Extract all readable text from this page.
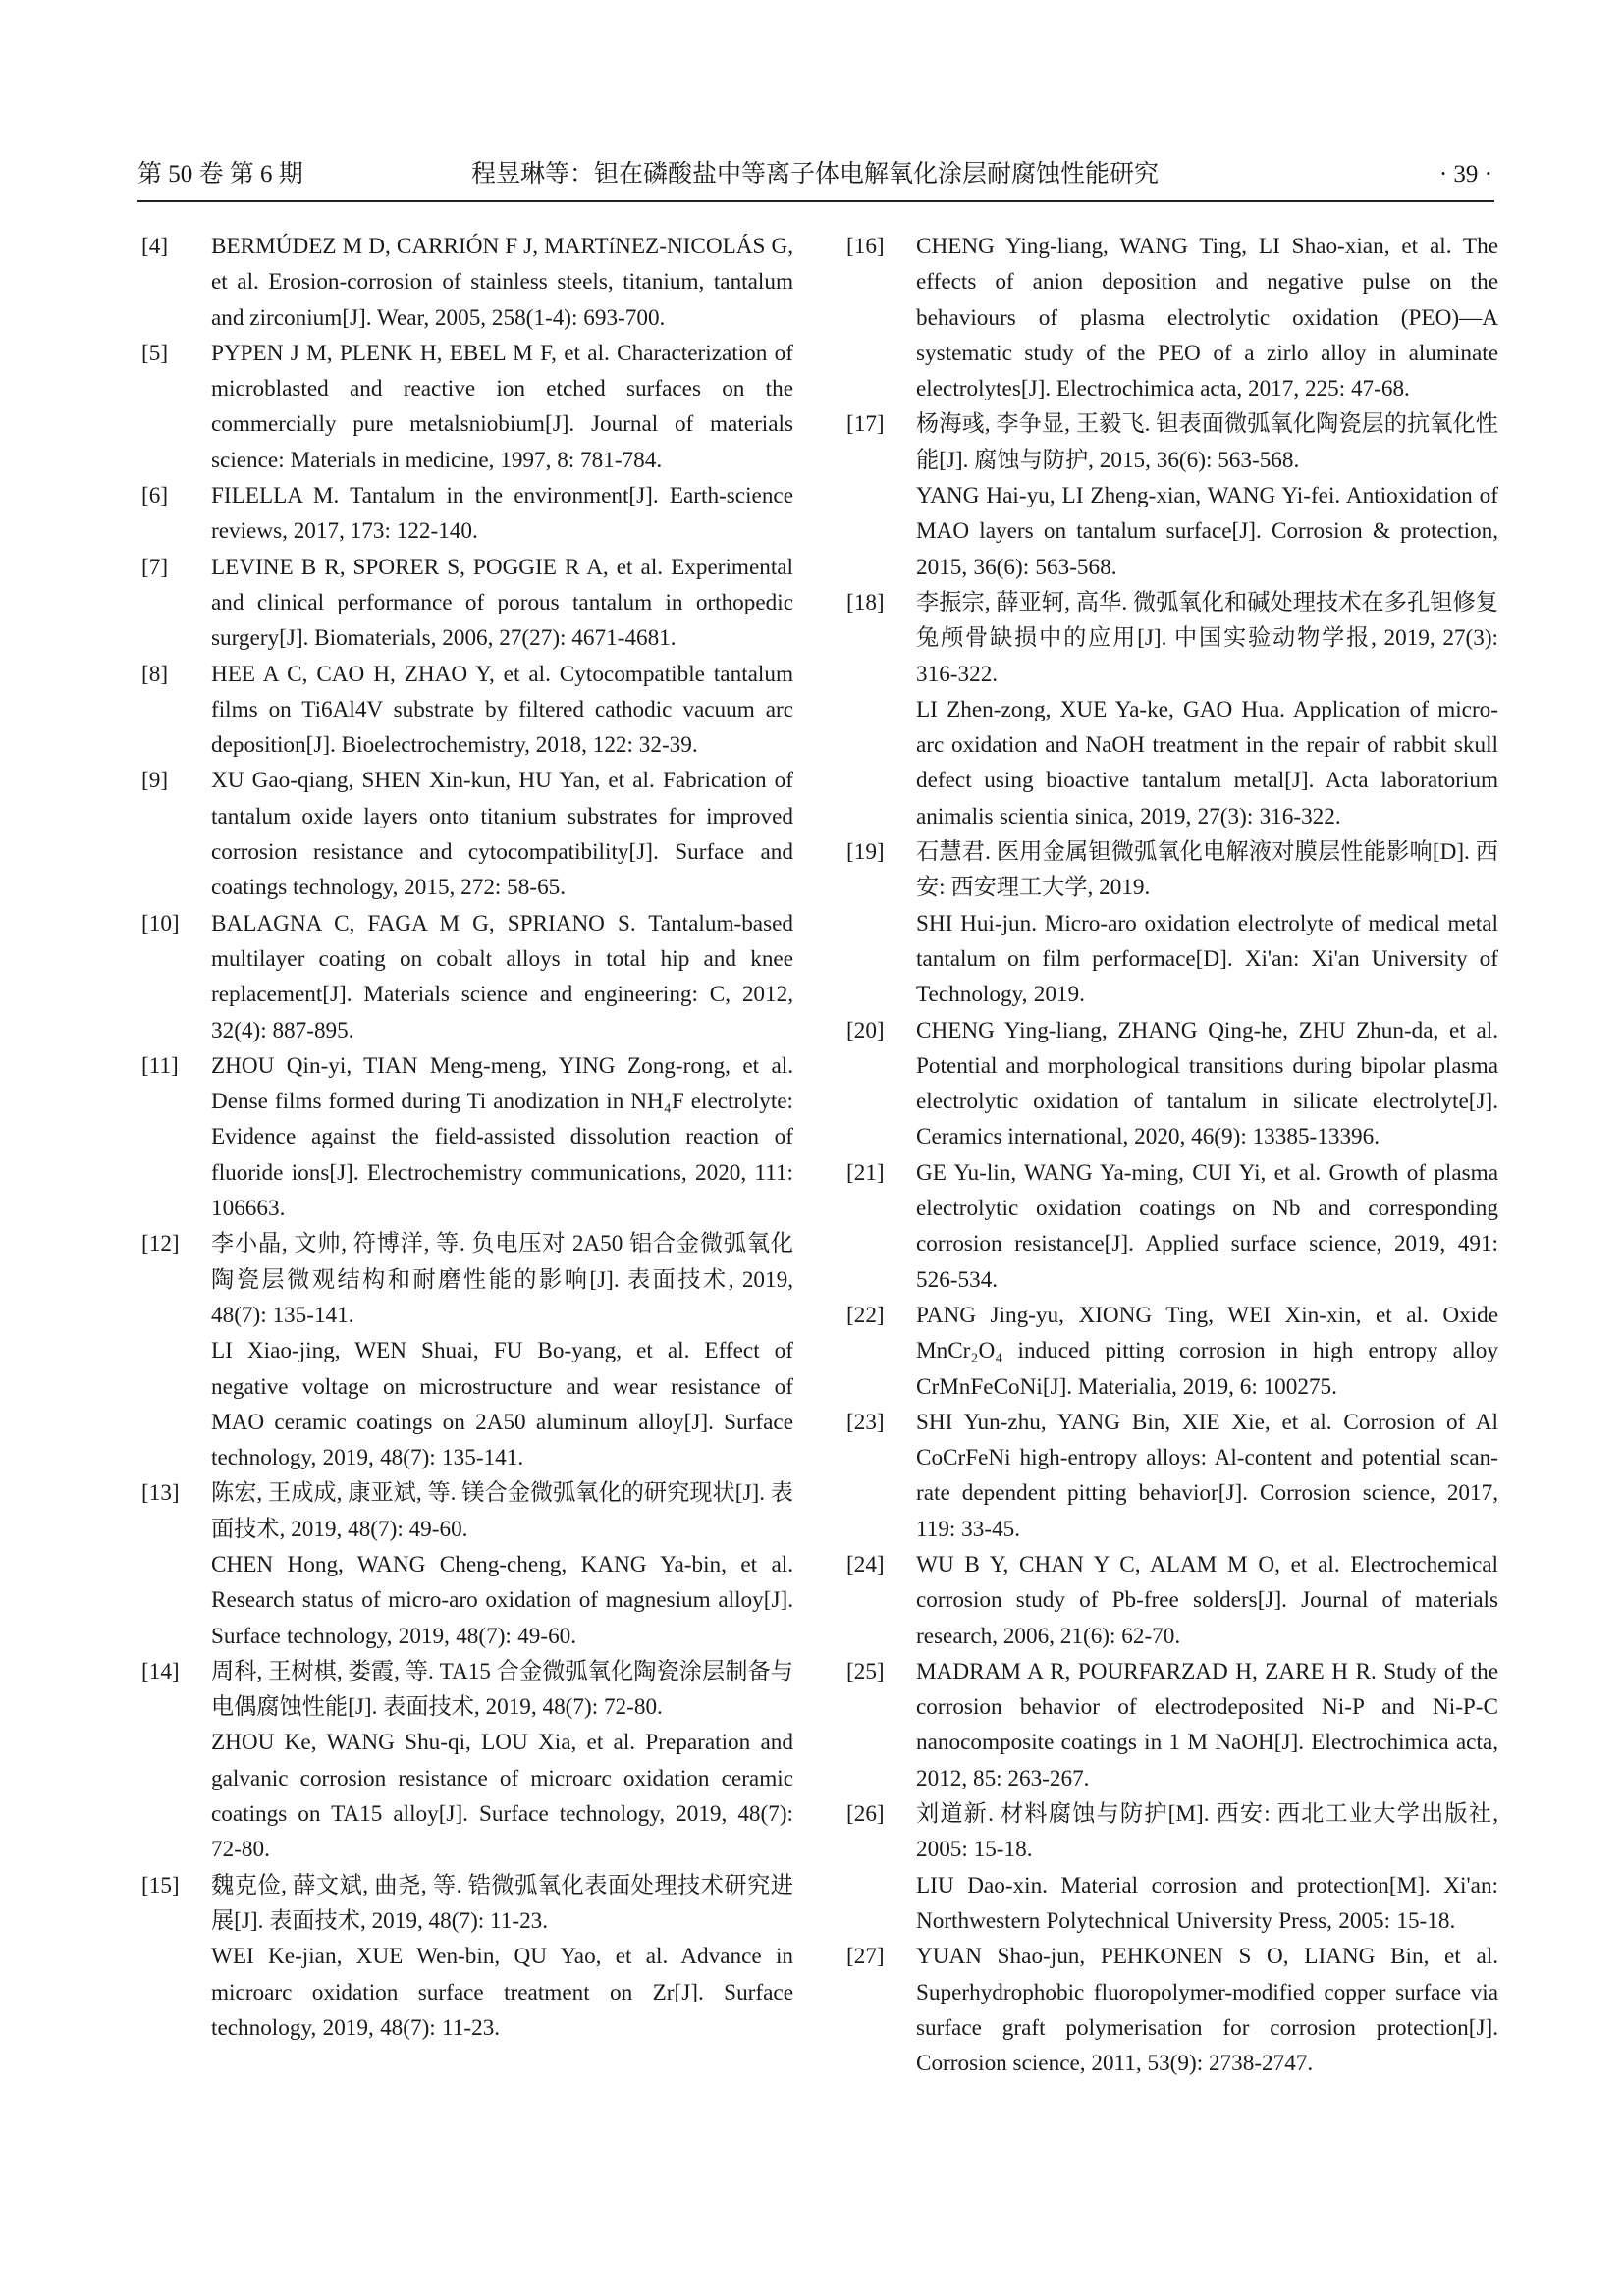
第 50 卷 第 6 期	程昱琳等：钽在磷酸盐中等离子体电解氧化涂层耐腐蚀性能研究	· 39 ·
[4] BERMÚDEZ M D, CARRIÓN F J, MARTíNEZ-NICOLÁS G, et al. Erosion-corrosion of stainless steels, titanium, tantalum and zirconium[J]. Wear, 2005, 258(1-4): 693-700.

[5] PYPEN J M, PLENK H, EBEL M F, et al. Characterization of microblasted and reactive ion etched surfaces on the commercially pure metalsniobium[J]. Journal of materials science: Materials in medicine, 1997, 8: 781-784.

[6] FILELLA M. Tantalum in the environment[J]. Earth-science reviews, 2017, 173: 122-140.

[7] LEVINE B R, SPORER S, POGGIE R A, et al. Experimental and clinical performance of porous tantalum in orthopedic surgery[J]. Biomaterials, 2006, 27(27): 4671-4681.

[8] HEE A C, CAO H, ZHAO Y, et al. Cytocompatible tantalum films on Ti6Al4V substrate by filtered cathodic vacuum arc deposition[J]. Bioelectrochemistry, 2018, 122: 32-39.

[9] XU Gao-qiang, SHEN Xin-kun, HU Yan, et al. Fabrication of tantalum oxide layers onto titanium substrates for improved corrosion resistance and cytocompatibility[J]. Surface and coatings technology, 2015, 272: 58-65.

[10] BALAGNA C, FAGA M G, SPRIANO S. Tantalum-based multilayer coating on cobalt alloys in total hip and knee replacement[J]. Materials science and engineering: C, 2012, 32(4): 887-895.

[11] ZHOU Qin-yi, TIAN Meng-meng, YING Zong-rong, et al. Dense films formed during Ti anodization in NH₄F electrolyte: Evidence against the field-assisted dissolution reaction of fluoride ions[J]. Electrochemistry communications, 2020, 111: 106663.

[12] 李小晶, 文帅, 符博洋, 等. 负电压对 2A50 铝合金微弧氧化陶瓷层微观结构和耐磨性能的影响[J]. 表面技术, 2019, 48(7): 135-141.

LI Xiao-jing, WEN Shuai, FU Bo-yang, et al. Effect of negative voltage on microstructure and wear resistance of MAO ceramic coatings on 2A50 aluminum alloy[J]. Surface technology, 2019, 48(7): 135-141.

[13] 陈宏, 王成成, 康亚斌, 等. 镁合金微弧氧化的研究现状[J]. 表面技术, 2019, 48(7): 49-60.

CHEN Hong, WANG Cheng-cheng, KANG Ya-bin, et al. Research status of micro-aro oxidation of magnesium alloy[J]. Surface technology, 2019, 48(7): 49-60.

[14] 周科, 王树棋, 娄霞, 等. TA15 合金微弧氧化陶瓷涂层制备与电偶腐蚀性能[J]. 表面技术, 2019, 48(7): 72-80.

ZHOU Ke, WANG Shu-qi, LOU Xia, et al. Preparation and galvanic corrosion resistance of microarc oxidation ceramic coatings on TA15 alloy[J]. Surface technology, 2019, 48(7): 72-80.

[15] 魏克俭, 薛文斌, 曲尧, 等. 锆微弧氧化表面处理技术研究进展[J]. 表面技术, 2019, 48(7): 11-23.

WEI Ke-jian, XUE Wen-bin, QU Yao, et al. Advance in microarc oxidation surface treatment on Zr[J]. Surface technology, 2019, 48(7): 11-23.

[16] CHENG Ying-liang, WANG Ting, LI Shao-xian, et al. The effects of anion deposition and negative pulse on the behaviours of plasma electrolytic oxidation (PEO)—A systematic study of the PEO of a zirlo alloy in aluminate electrolytes[J]. Electrochimica acta, 2017, 225: 47-68.

[17] 杨海彧, 李争显, 王毅飞. 钽表面微弧氧化陶瓷层的抗氧化性能[J]. 腐蚀与防护, 2015, 36(6): 563-568.

YANG Hai-yu, LI Zheng-xian, WANG Yi-fei. Antioxidation of MAO layers on tantalum surface[J]. Corrosion & protection, 2015, 36(6): 563-568.

[18] 李振宗, 薛亚轲, 高华. 微弧氧化和碱处理技术在多孔钽修复兔颅骨缺损中的应用[J]. 中国实验动物学报, 2019, 27(3): 316-322.

LI Zhen-zong, XUE Ya-ke, GAO Hua. Application of micro-arc oxidation and NaOH treatment in the repair of rabbit skull defect using bioactive tantalum metal[J]. Acta laboratorium animalis scientia sinica, 2019, 27(3): 316-322.

[19] 石慧君. 医用金属钽微弧氧化电解液对膜层性能影响[D]. 西安: 西安理工大学, 2019.

SHI Hui-jun. Micro-aro oxidation electrolyte of medical metal tantalum on film performace[D]. Xi'an: Xi'an University of Technology, 2019.

[20] CHENG Ying-liang, ZHANG Qing-he, ZHU Zhun-da, et al. Potential and morphological transitions during bipolar plasma electrolytic oxidation of tantalum in silicate electrolyte[J]. Ceramics international, 2020, 46(9): 13385-13396.

[21] GE Yu-lin, WANG Ya-ming, CUI Yi, et al. Growth of plasma electrolytic oxidation coatings on Nb and corresponding corrosion resistance[J]. Applied surface science, 2019, 491: 526-534.

[22] PANG Jing-yu, XIONG Ting, WEI Xin-xin, et al. Oxide MnCr₂O₄ induced pitting corrosion in high entropy alloy CrMnFeCoNi[J]. Materialia, 2019, 6: 100275.

[23] SHI Yun-zhu, YANG Bin, XIE Xie, et al. Corrosion of Al CoCrFeNi high-entropy alloys: Al-content and potential scan-rate dependent pitting behavior[J]. Corrosion science, 2017, 119: 33-45.

[24] WU B Y, CHAN Y C, ALAM M O, et al. Electrochemical corrosion study of Pb-free solders[J]. Journal of materials research, 2006, 21(6): 62-70.

[25] MADRAM A R, POURFARZAD H, ZARE H R. Study of the corrosion behavior of electrodeposited Ni-P and Ni-P-C nanocomposite coatings in 1 M NaOH[J]. Electrochimica acta, 2012, 85: 263-267.

[26] 刘道新. 材料腐蚀与防护[M]. 西安: 西北工业大学出版社, 2005: 15-18.

LIU Dao-xin. Material corrosion and protection[M]. Xi'an: Northwestern Polytechnical University Press, 2005: 15-18.

[27] YUAN Shao-jun, PEHKONEN S O, LIANG Bin, et al. Superhydrophobic fluoropolymer-modified copper surface via surface graft polymerisation for corrosion protection[J]. Corrosion science, 2011, 53(9): 2738-2747.
